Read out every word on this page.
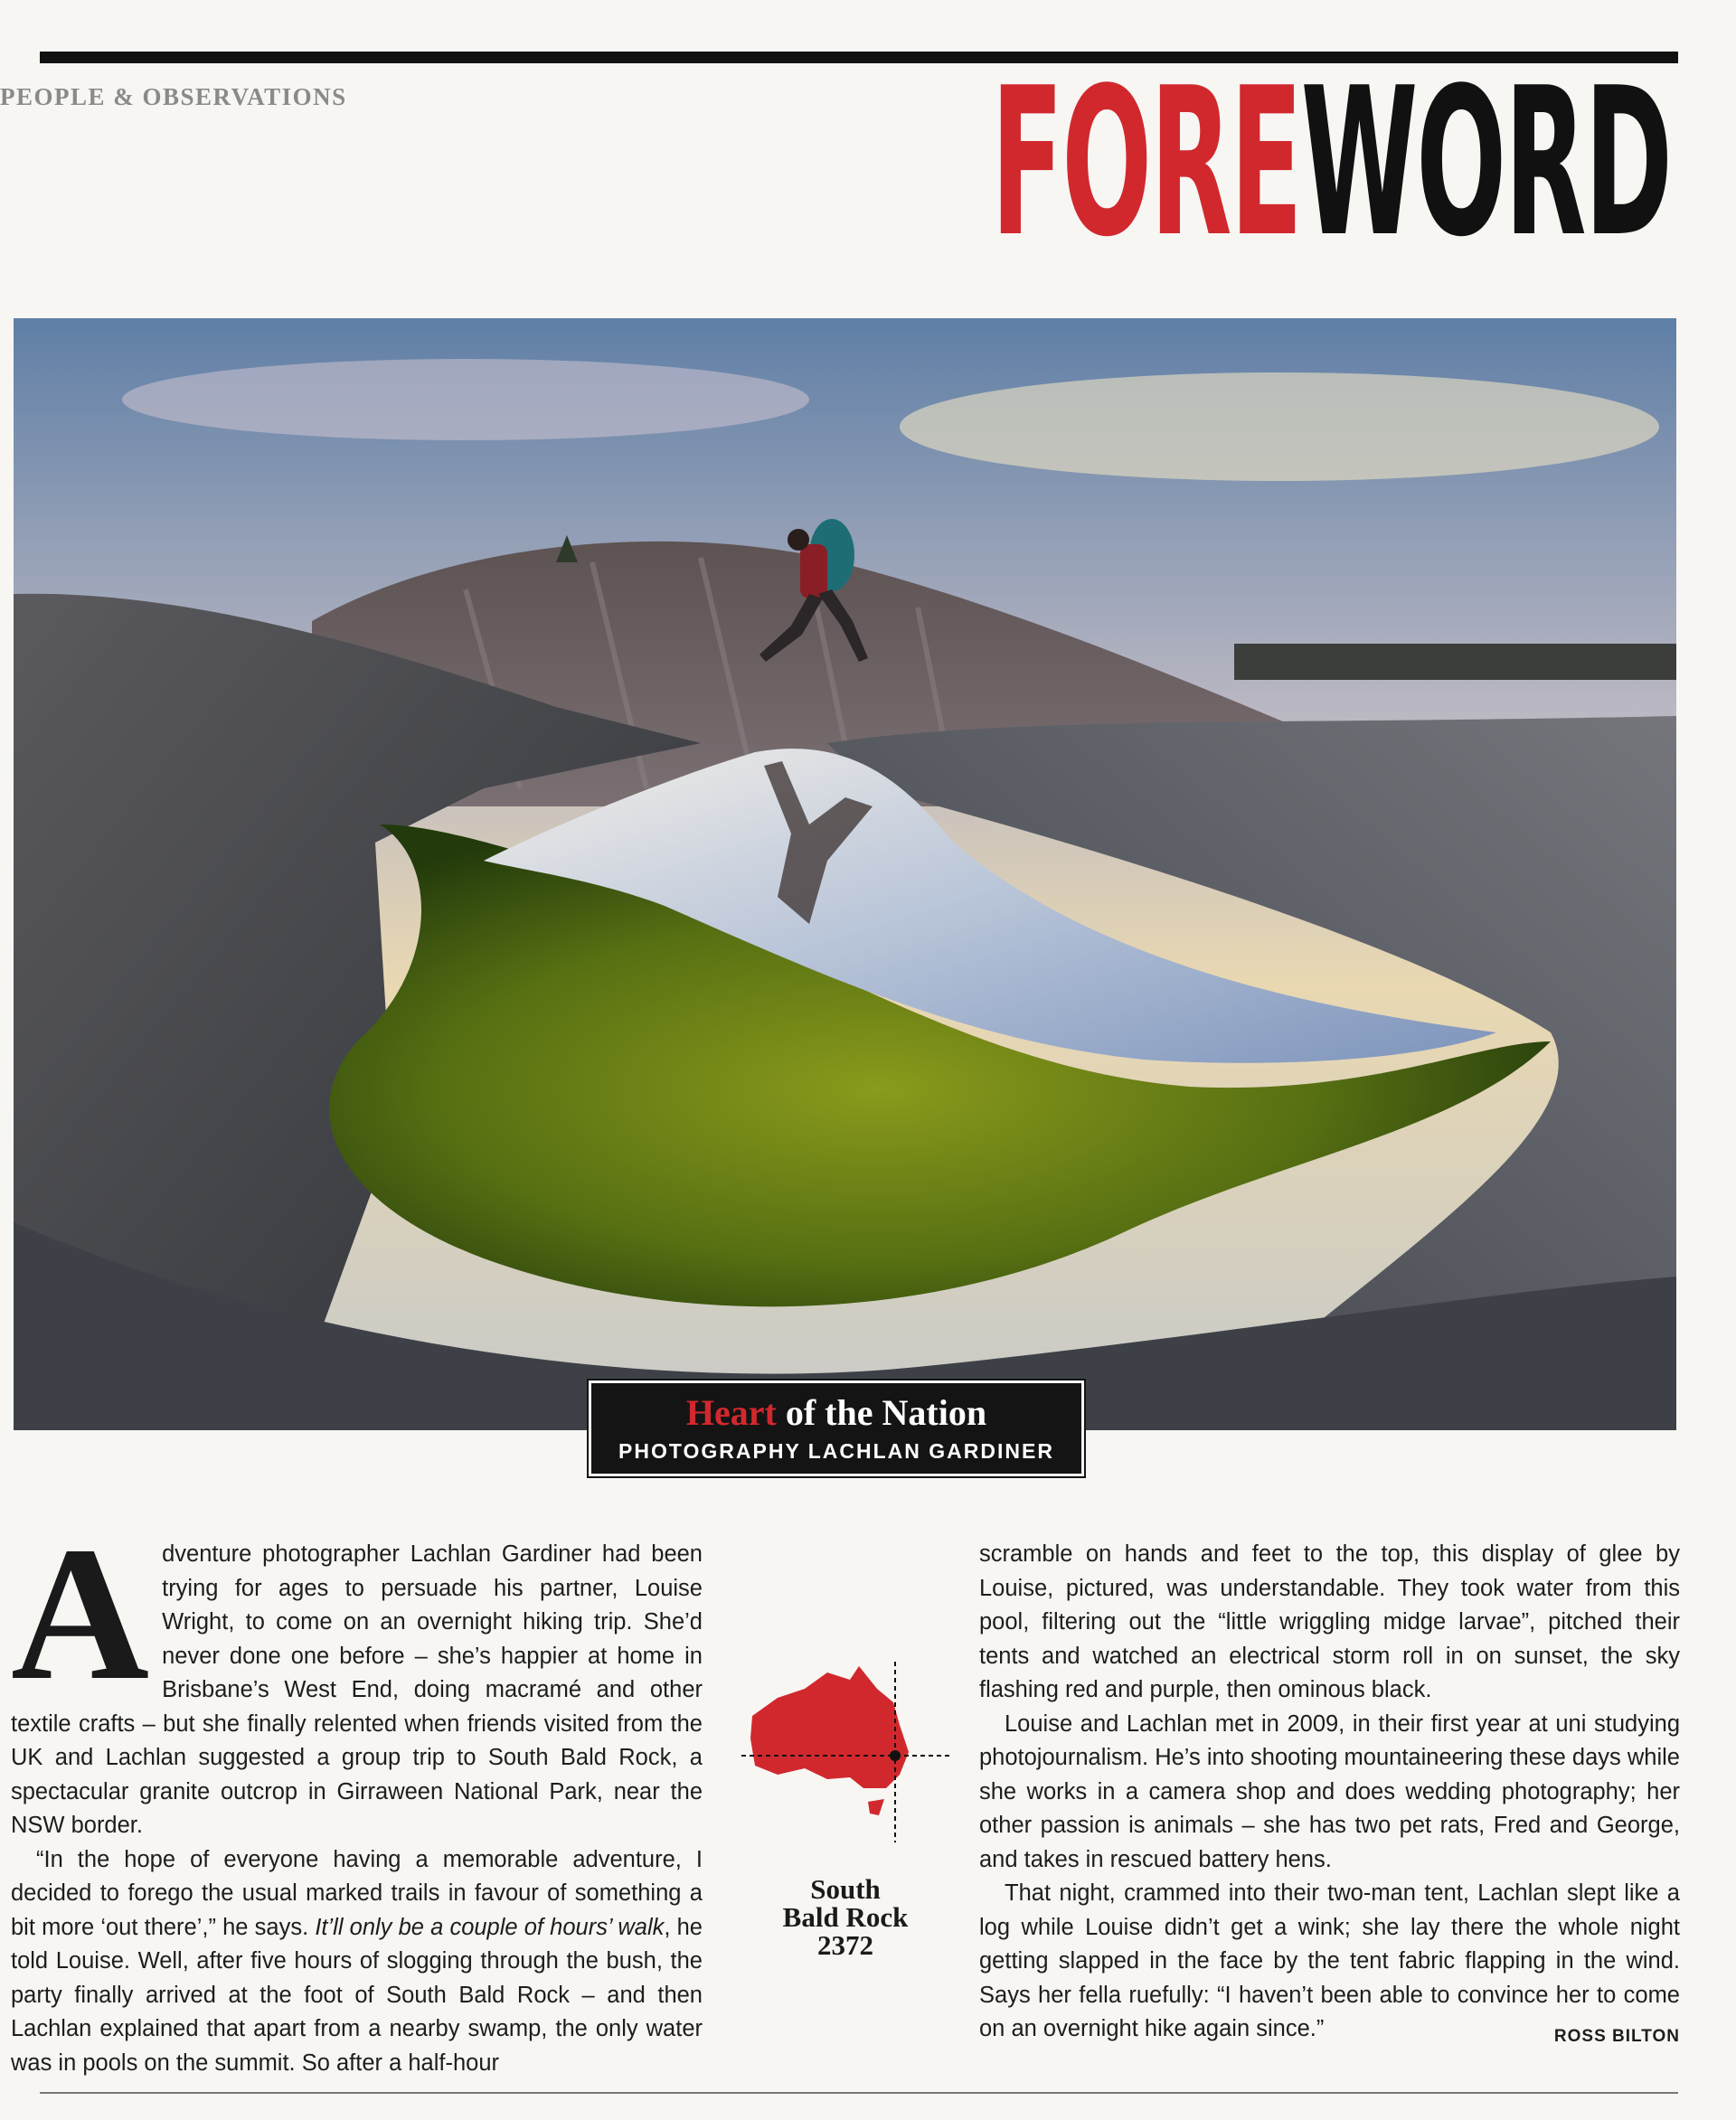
PEOPLE & OBSERVATIONS	FOREWORD
Heart of the Nation
PHOTOGRAPHY LACHLAN GARDINER

Adventure photographer Lachlan Gardiner had been trying for ages to persuade his partner, Louise Wright, to come on an overnight hiking trip. She’d never done one before – she’s happier at home in Brisbane’s West End, doing macramé and other textile crafts – but she finally relented when friends visited from the UK and Lachlan suggested a group trip to South Bald Rock, a spectacular granite outcrop in Girraween National Park, near the NSW border.

“In the hope of everyone having a memorable adventure, I decided to forego the usual marked trails in favour of something a bit more ‘out there’,” he says. It’ll only be a couple of hours’ walk, he told Louise. Well, after five hours of slogging through the bush, the party finally arrived at the foot of South Bald Rock – and then Lachlan explained that apart from a nearby swamp, the only water was in pools on the summit. So after a half-hour

South
Bald Rock
2372

scramble on hands and feet to the top, this display of glee by Louise, pictured, was understandable. They took water from this pool, filtering out the “little wriggling midge larvae”, pitched their tents and watched an electrical storm roll in on sunset, the sky flashing red and purple, then ominous black.

Louise and Lachlan met in 2009, in their first year at uni studying photojournalism. He’s into shooting mountaineering these days while she works in a camera shop and does wedding photography; her other passion is animals – she has two pet rats, Fred and George, and takes in rescued battery hens.

That night, crammed into their two-man tent, Lachlan slept like a log while Louise didn’t get a wink; she lay there the whole night getting slapped in the face by the tent fabric flapping in the wind. Says her fella ruefully: “I haven’t been able to convince her to come on an overnight hike again since.”	ROSS BILTON
